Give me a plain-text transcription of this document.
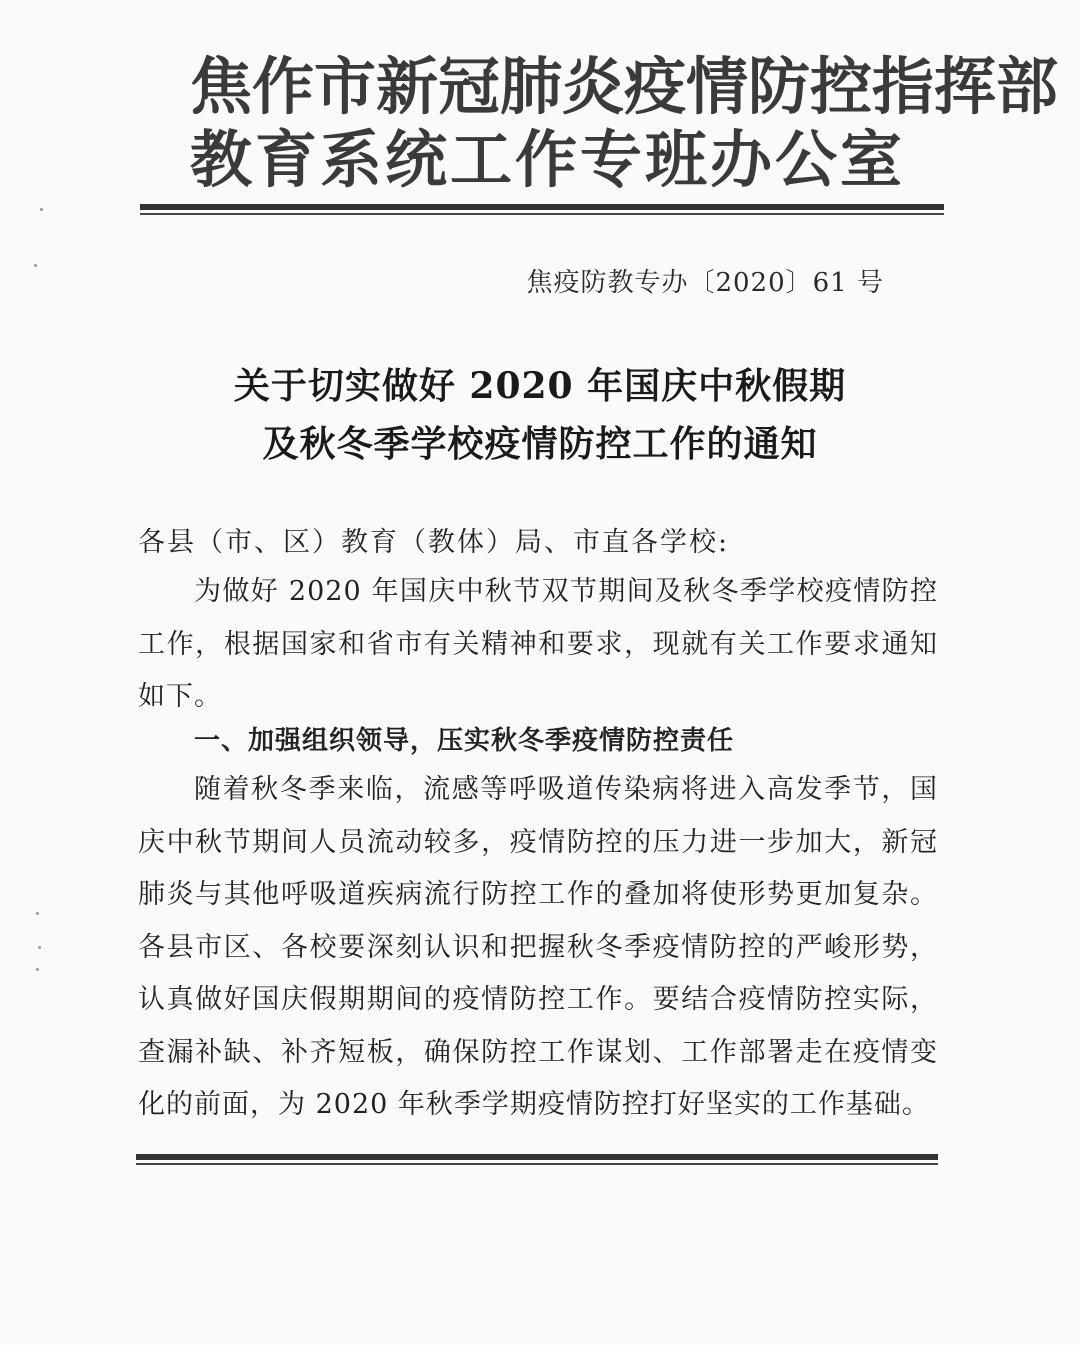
焦作市新冠肺炎疫情防控指挥部
教育系统工作专班办公室
焦疫防教专办〔2020〕61 号
关于切实做好 2020 年国庆中秋假期
及秋冬季学校疫情防控工作的通知
各县（市、区）教育（教体）局、市直各学校:
为做好 2020 年国庆中秋节双节期间及秋冬季学校疫情防控工作，根据国家和省市有关精神和要求，现就有关工作要求通知如下。
一、加强组织领导，压实秋冬季疫情防控责任
随着秋冬季来临，流感等呼吸道传染病将进入高发季节，国庆中秋节期间人员流动较多，疫情防控的压力进一步加大，新冠肺炎与其他呼吸道疾病流行防控工作的叠加将使形势更加复杂。各县市区、各校要深刻认识和把握秋冬季疫情防控的严峻形势，认真做好国庆假期期间的疫情防控工作。要结合疫情防控实际，查漏补缺、补齐短板，确保防控工作谋划、工作部署走在疫情变化的前面，为 2020 年秋季学期疫情防控打好坚实的工作基础。
